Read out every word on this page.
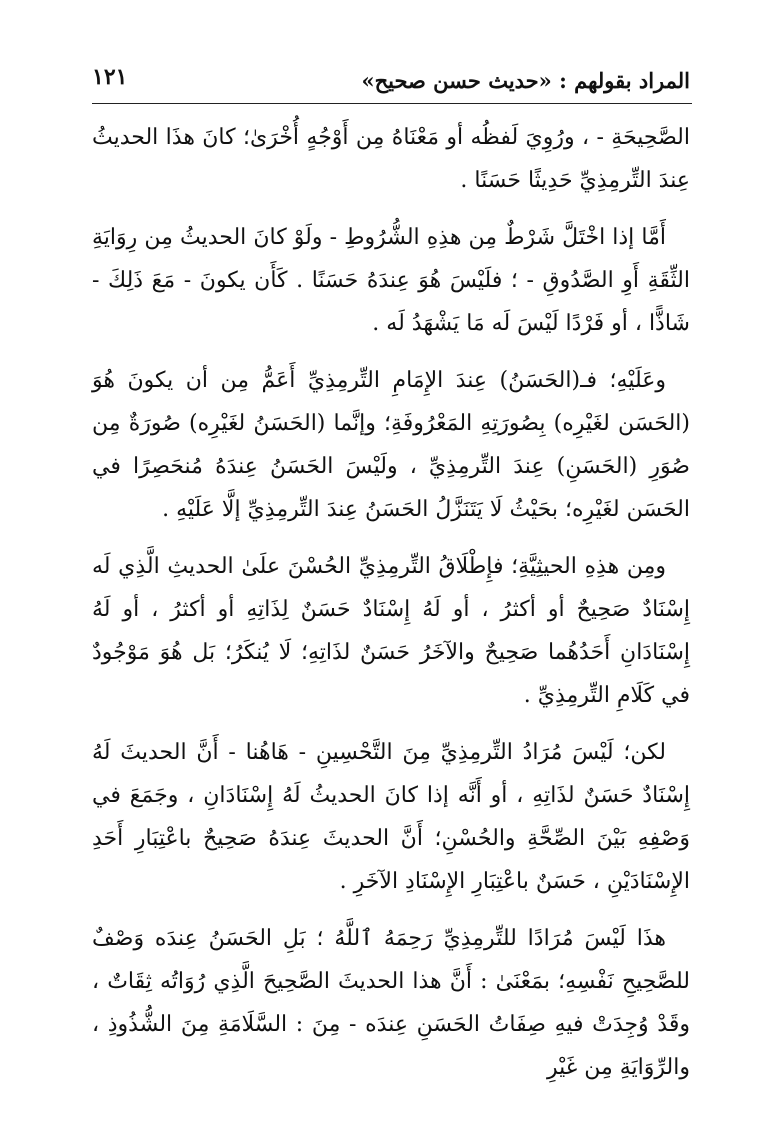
المراد بقولهم : «حديث حسن صحيح»
١٢١

الصَّحِيحَةِ - ، ورُوِيَ لَفظُه أو مَعْنَاهُ مِن أَوْجُهٍ أُخْرَىٰ؛ كانَ هذَا الحديثُ عِندَ التِّرمِذِيِّ حَدِيثًا حَسَنًا .

أَمَّا إذا اخْتَلَّ شَرْطٌ مِن هذِهِ الشُّرُوطِ - ولَوْ كانَ الحديثُ مِن رِوَايَةِ الثِّقَةِ أَوِ الصَّدُوقِ - ؛ فلَيْسَ هُوَ عِندَهُ حَسَنًا . كَأَن يكونَ - مَعَ ذَلِكَ - شَاذًّا ، أو فَرْدًا لَيْسَ لَه مَا يَشْهَدُ لَه .

وعَلَيْهِ؛ فـ(الحَسَنُ) عِندَ الإِمَامِ التِّرمِذِيِّ أَعَمُّ مِن أن يكونَ هُوَ (الحَسَن لغَيْرِه) بِصُورَتِهِ المَعْرُوفَةِ؛ وإنَّما (الحَسَنُ لغَيْرِه) صُورَةٌ مِن صُوَرِ (الحَسَنِ) عِندَ التِّرمِذِيِّ ، ولَيْسَ الحَسَنُ عِندَهُ مُنحَصِرًا في الحَسَن لغَيْرِه؛ بحَيْثُ لَا يَتَنَزَّلُ الحَسَنُ عِندَ التِّرمِذِيِّ إلَّا عَلَيْهِ .

ومِن هذِهِ الحيثِيَّةِ؛ فإِطْلَاقُ التِّرمِذِيِّ الحُسْنَ علَىٰ الحديثِ الَّذِي لَه إِسْنَادٌ صَحِيحٌ أو أكثرُ ، أو لَهُ إِسْنَادٌ حَسَنٌ لِذَاتِهِ أو أكثرُ ، أو لَهُ إِسْنَادَانِ أَحَدُهُما صَحِيحٌ والآخَرُ حَسَنٌ لذَاتِهِ؛ لَا يُنكَرُ؛ بَل هُوَ مَوْجُودٌ في كَلَامِ التِّرمِذِيِّ .

لكن؛ لَيْسَ مُرَادُ التِّرمِذِيِّ مِنَ التَّحْسِينِ - هَاهُنا - أَنَّ الحديثَ لَهُ إِسْنَادٌ حَسَنٌ لذَاتِهِ ، أو أَنَّه إذا كانَ الحديثُ لَهُ إِسْنَادَانِ ، وجَمَعَ في وَصْفِهِ بَيْنَ الصِّحَّةِ والحُسْنِ؛ أَنَّ الحديثَ عِندَهُ صَحِيحٌ باعْتِبَارِ أَحَدِ الإِسْنَادَيْنِ ، حَسَنٌ باعْتِبَارِ الإِسْنَادِ الآخَرِ .

هذَا لَيْسَ مُرَادًا للتِّرمِذِيِّ رَحِمَهُ ٱللَّهُ ؛ بَلِ الحَسَنُ عِندَه وَصْفٌ للصَّحِيحِ نَفْسِهِ؛ بمَعْنَىٰ : أَنَّ هذا الحديثَ الصَّحِيحَ الَّذِي رُوَاتُه ثِقَاتٌ ، وقَدْ وُجِدَتْ فيهِ صِفَاتُ الحَسَنِ عِندَه - مِنَ : السَّلَامَةِ مِنَ الشُّذُوذِ ، والرِّوَايَةِ مِن غَيْرِ
